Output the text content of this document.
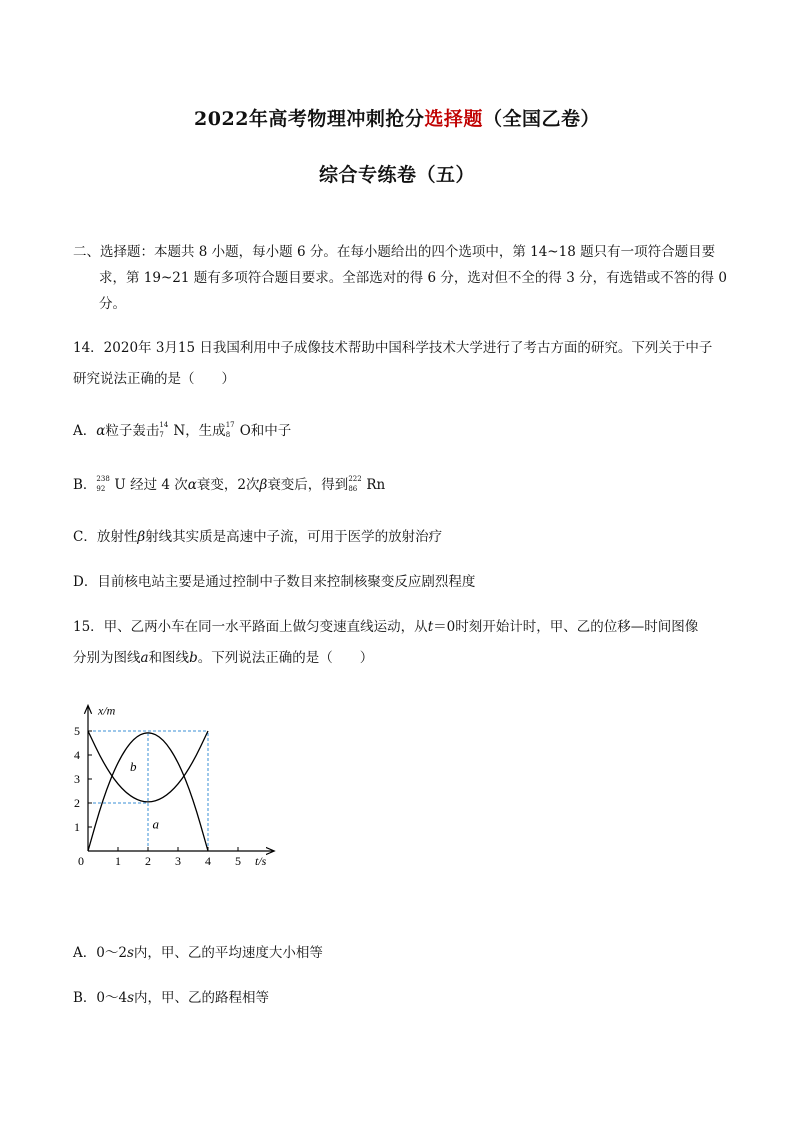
2022年高考物理冲刺抢分选择题（全国乙卷）
综合专练卷（五）
二、选择题：本题共 8 小题，每小题 6 分。在每小题给出的四个选项中，第 14~18 题只有一项符合题目要
求，第 19~21 题有多项符合题目要求。全部选对的得 6 分，选对但不全的得 3 分，有选错或不答的得 0
分。
14．2020年 3月15 日我国利用中子成像技术帮助中国科学技术大学进行了考古方面的研究。下列关于中子
研究说法正确的是（　　）
A．α粒子轰击 14
7 N，生成 17
8 O和中子
B． 238
92 U 经过 4 次α衰变，2次β衰变后，得到 222
86 Rn
C．放射性β射线其实质是高速中子流，可用于医学的放射治疗
D．目前核电站主要是通过控制中子数目来控制核聚变反应剧烈程度
15．甲、乙两小车在同一水平路面上做匀变速直线运动，从t＝0时刻开始计时，甲、乙的位移—时间图像
分别为图线a和图线b。下列说法正确的是（　　）
1 2 3 4 5
1
2
3
4
5
0
x/m
t/s
b
a
A．0～2s内，甲、乙的平均速度大小相等
B．0～4s内，甲、乙的路程相等
